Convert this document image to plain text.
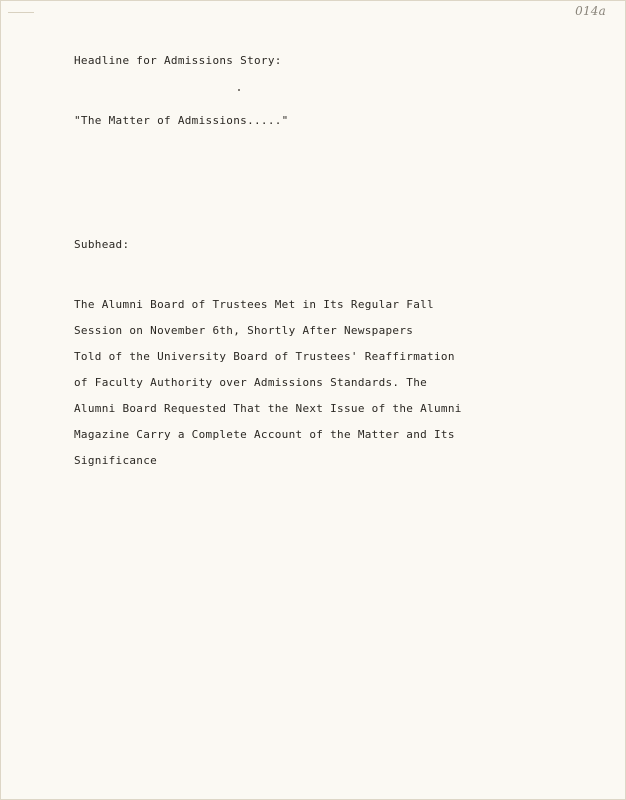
014a

Headline for Admissions Story:

"The Matter of Admissions....."

Subhead:

The Alumni Board of Trustees Met in Its Regular Fall
Session on November 6th, Shortly After Newspapers
Told of the University Board of Trustees' Reaffirmation
of Faculty Authority over Admissions Standards. The
Alumni Board Requested That the Next Issue of the Alumni
Magazine Carry a Complete Account of the Matter and Its
Significance
